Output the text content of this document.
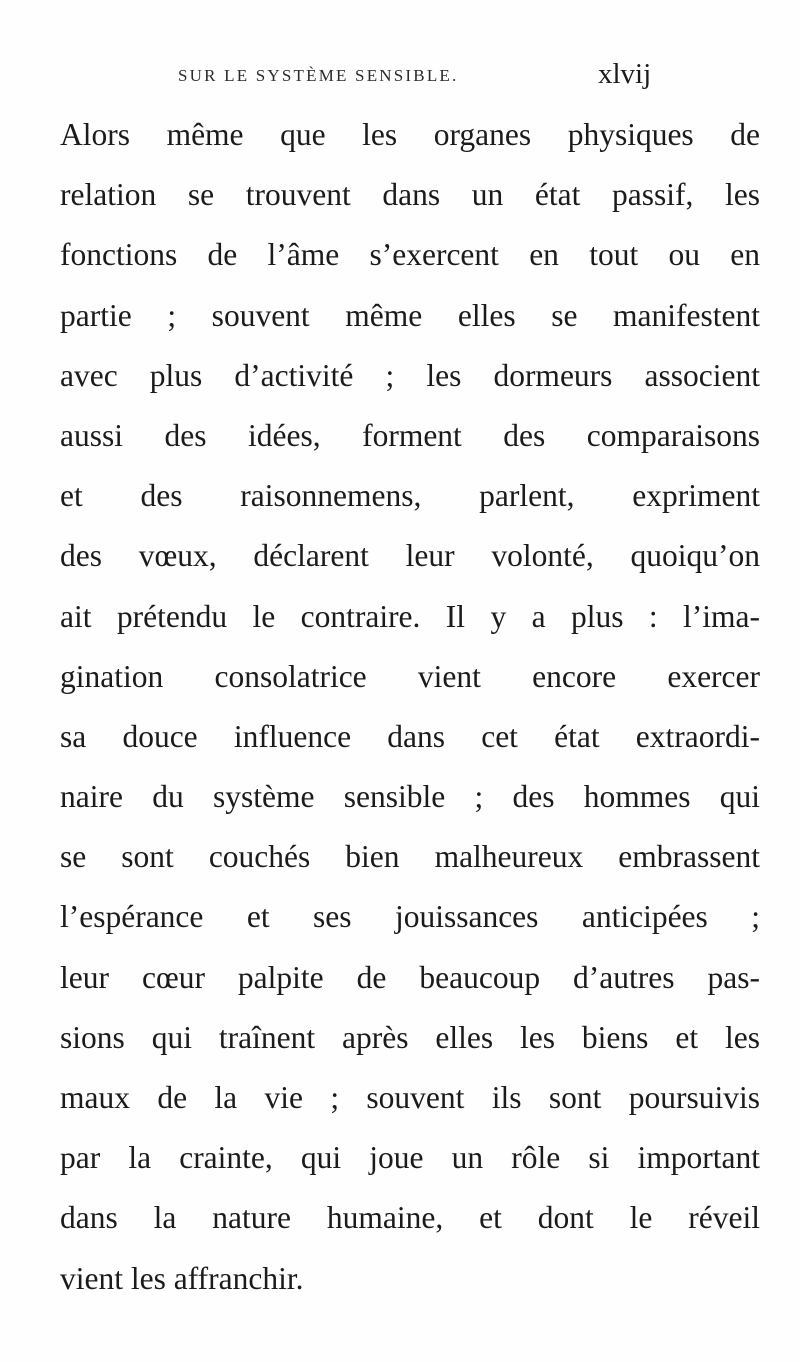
SUR LE SYSTÈME SENSIBLE.	xlvij
Alors même que les organes physiques de
relation se trouvent dans un état passif, les
fonctions de l’âme s’exercent en tout ou en
partie ; souvent même elles se manifestent
avec plus d’activité ; les dormeurs associent
aussi des idées, forment des comparaisons
et des raisonnemens, parlent, expriment
des vœux, déclarent leur volonté, quoiqu’on
ait prétendu le contraire. Il y a plus : l’ima-
gination consolatrice vient encore exercer
sa douce influence dans cet état extraordi-
naire du système sensible ; des hommes qui
se sont couchés bien malheureux embrassent
l’espérance et ses jouissances anticipées ;
leur cœur palpite de beaucoup d’autres pas-
sions qui traînent après elles les biens et les
maux de la vie ; souvent ils sont poursuivis
par la crainte, qui joue un rôle si important
dans la nature humaine, et dont le réveil
vient les affranchir.
